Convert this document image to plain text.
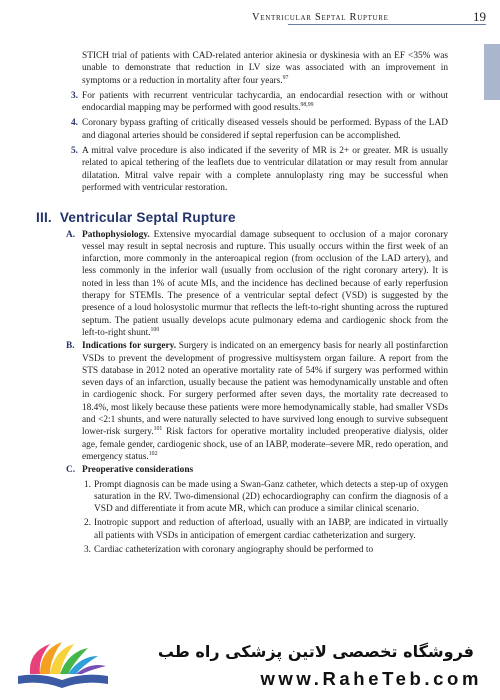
Ventricular Septal Rupture	19

STICH trial of patients with CAD-related anterior akinesia or dyskinesia with an EF <35% was unable to demonstrate that reduction in LV size was associated with an improvement in symptoms or a reduction in mortality after four years.$^{97}$

3. For patients with recurrent ventricular tachycardia, an endocardial resection with or without endocardial mapping may be performed with good results.$^{98,99}$

4. Coronary bypass grafting of critically diseased vessels should be performed. Bypass of the LAD and diagonal arteries should be considered if septal reperfusion can be accomplished.

5. A mitral valve procedure is also indicated if the severity of MR is 2+ or greater. MR is usually related to apical tethering of the leaflets due to ventricular dilatation or may result from annular dilatation. Mitral valve repair with a complete annuloplasty ring may be successful when performed with ventricular restoration.

III. Ventricular Septal Rupture

A. Pathophysiology. Extensive myocardial damage subsequent to occlusion of a major coronary vessel may result in septal necrosis and rupture. This usually occurs within the first week of an infarction, more commonly in the anteroapical region (from occlusion of the LAD artery), and less commonly in the inferior wall (usually from occlusion of the right coronary artery). It is noted in less than 1% of acute MIs, and the incidence has declined because of early reperfusion therapy for STEMIs. The presence of a ventricular septal defect (VSD) is suggested by the presence of a loud holosystolic murmur that reflects the left-to-right shunting across the ruptured septum. The patient usually develops acute pulmonary edema and cardiogenic shock from the left-to-right shunt.$^{100}$

B. Indications for surgery. Surgery is indicated on an emergency basis for nearly all postinfarction VSDs to prevent the development of progressive multisystem organ failure. A report from the STS database in 2012 noted an operative mortality rate of 54% if surgery was performed within seven days of an infarction, usually because the patient was hemodynamically unstable and often in cardiogenic shock. For surgery performed after seven days, the mortality rate decreased to 18.4%, most likely because these patients were more hemodynamically stable, had smaller VSDs and <2:1 shunts, and were naturally selected to have survived long enough to survive subsequent lower-risk surgery.$^{101}$ Risk factors for operative mortality included preoperative dialysis, older age, female gender, cardiogenic shock, use of an IABP, moderate–severe MR, redo operation, and emergency status.$^{102}$

C. Preoperative considerations

1. Prompt diagnosis can be made using a Swan-Ganz catheter, which detects a step-up of oxygen saturation in the RV. Two-dimensional (2D) echocardiography can confirm the diagnosis of a VSD and differentiate it from acute MR, which can produce a similar clinical scenario.

2. Inotropic support and reduction of afterload, usually with an IABP, are indicated in virtually all patients with VSDs in anticipation of emergent cardiac catheterization and surgery.

3. Cardiac catheterization with coronary angiography should be performed to

فروشگاه تخصصی لاتین پزشکی راه طب
www.RaheTeb.com
